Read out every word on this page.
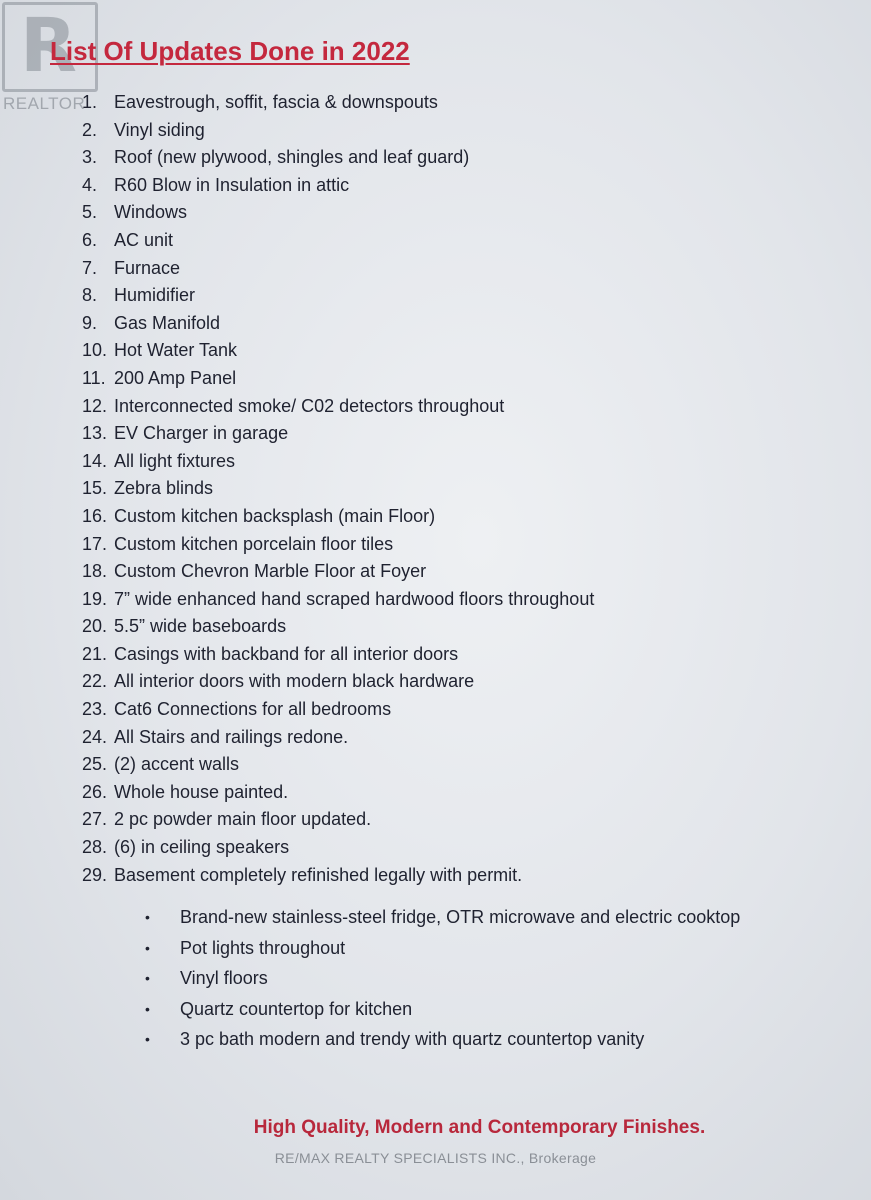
R
REALTOR
List Of Updates Done in 2022
1. Eavestrough, soffit, fascia & downspouts
2. Vinyl siding
3. Roof (new plywood, shingles and leaf guard)
4. R60 Blow in Insulation in attic
5. Windows
6. AC unit
7. Furnace
8. Humidifier
9. Gas Manifold
10. Hot Water Tank
11. 200 Amp Panel
12. Interconnected smoke/ C02 detectors throughout
13. EV Charger in garage
14. All light fixtures
15. Zebra blinds
16. Custom kitchen backsplash (main Floor)
17. Custom kitchen porcelain floor tiles
18. Custom Chevron Marble Floor at Foyer
19. 7” wide enhanced hand scraped hardwood floors throughout
20. 5.5” wide baseboards
21. Casings with backband for all interior doors
22. All interior doors with modern black hardware
23. Cat6 Connections for all bedrooms
24. All Stairs and railings redone.
25. (2) accent walls
26. Whole house painted.
27. 2 pc powder main floor updated.
28. (6) in ceiling speakers
29. Basement completely refinished legally with permit.
• Brand-new stainless-steel fridge, OTR microwave and electric cooktop
• Pot lights throughout
• Vinyl floors
• Quartz countertop for kitchen
• 3 pc bath modern and trendy with quartz countertop vanity
High Quality, Modern and Contemporary Finishes.
RE/MAX REALTY SPECIALISTS INC., Brokerage
